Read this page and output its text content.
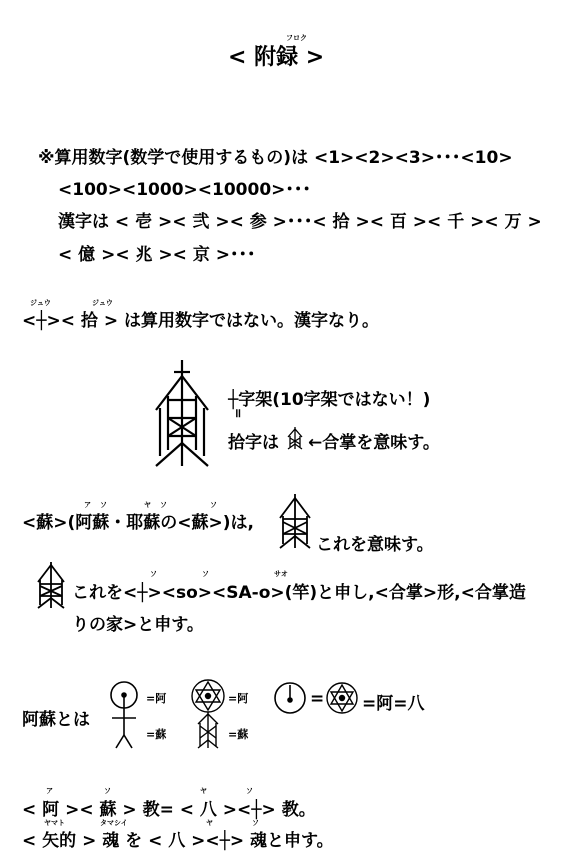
フロク
< 附録 >
※算用数字(数学で使用するもの)は <1><2><3>･･･<10>
<100><1000><10000>･･･
漢字は < 壱 >< 弐 >< 参 >･･･< 拾 >< 百 >< 千 >< 万 >
< 億 >< 兆 >< 京 >･･･
ジュウ	ジュウ
<┼>< 拾 > は算用数字ではない。漢字なり。
┼字架(10字架ではない！)
॥
拾字は ←合掌を意味す。
ア ソ	ヤ ソ	ソ
<蘇>(阿蘇・耶蘇の<蘇>)は,
これを意味す。
ソ	ソ	サオ
これを<┼><so><SA-o>(竿)と申し,<合掌>形,<合掌造
りの家>と申す。
阿蘇とは
=阿
=蘇
=阿
=蘇
= =阿=八
ア	ソ	ヤ	ソ
< 阿 >< 蘇 > 教= < 八 ><┼> 教。
ヤマト	タマシイ	ヤ	ソ
< 矢的 > 魂 を < 八 ><┼> 魂と申す。
